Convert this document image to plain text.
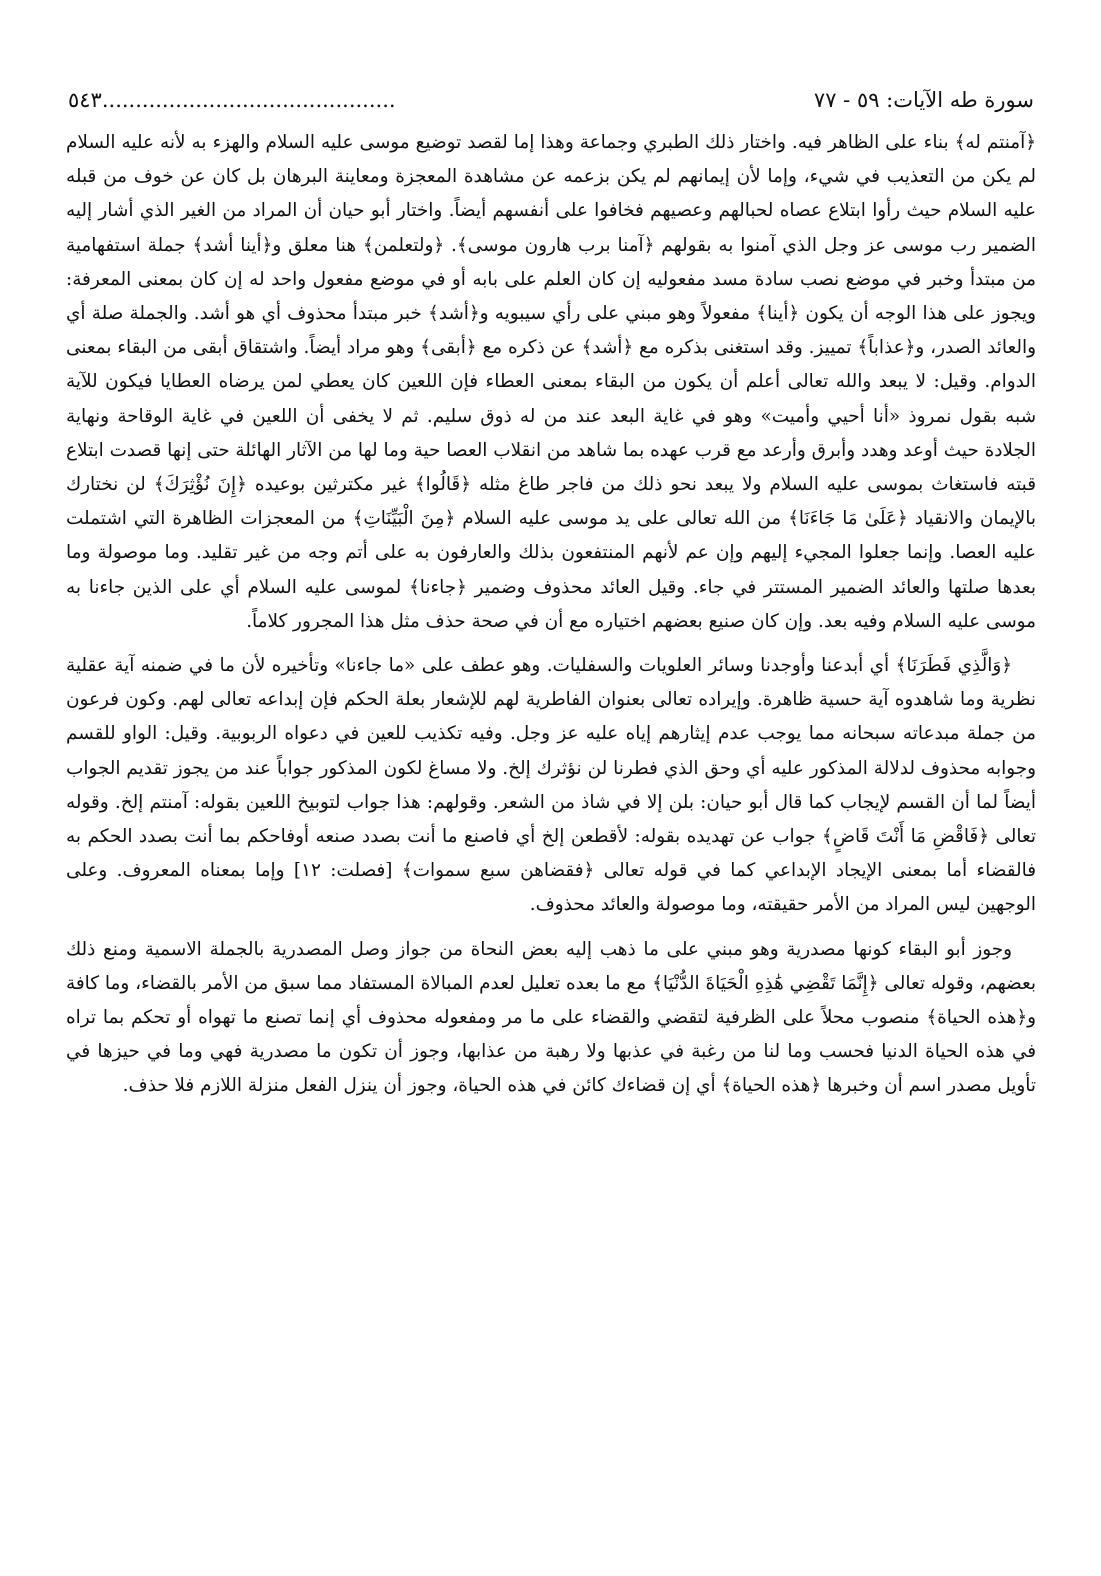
سورة طه الآيات: ٥٩ - ٧٧
............................................
٥٤٣

﴿آمنتم له﴾ بناء على الظاهر فيه. واختار ذلك الطبري وجماعة وهذا إما لقصد توضيع موسى عليه السلام والهزء به لأنه عليه السلام لم يكن من التعذيب في شيء، وإما لأن إيمانهم لم يكن بزعمه عن مشاهدة المعجزة ومعاينة البرهان بل كان عن خوف من قبله عليه السلام حيث رأوا ابتلاع عصاه لحبالهم وعصيهم فخافوا على أنفسهم أيضاً. واختار أبو حيان أن المراد من الغير الذي أشار إليه الضمير رب موسى عز وجل الذي آمنوا به بقولهم ﴿آمنا برب هارون موسى﴾. ﴿ولتعلمن﴾ هنا معلق و﴿أينا أشد﴾ جملة استفهامية من مبتدأ وخبر في موضع نصب سادة مسد مفعوليه إن كان العلم على بابه أو في موضع مفعول واحد له إن كان بمعنى المعرفة: ويجوز على هذا الوجه أن يكون ﴿أينا﴾ مفعولاً وهو مبني على رأي سيبويه و﴿أشد﴾ خبر مبتدأ محذوف أي هو أشد. والجملة صلة أي والعائد الصدر، و﴿عذاباً﴾ تمييز. وقد استغنى بذكره مع ﴿أشد﴾ عن ذكره مع ﴿أبقى﴾ وهو مراد أيضاً. واشتقاق أبقى من البقاء بمعنى الدوام. وقيل: لا يبعد والله تعالى أعلم أن يكون من البقاء بمعنى العطاء فإن اللعين كان يعطي لمن يرضاه العطايا فيكون للآية شبه بقول نمروذ «أنا أحيي وأميت» وهو في غاية البعد عند من له ذوق سليم. ثم لا يخفى أن اللعين في غاية الوقاحة ونهاية الجلادة حيث أوعد وهدد وأبرق وأرعد مع قرب عهده بما شاهد من انقلاب العصا حية وما لها من الآثار الهائلة حتى إنها قصدت ابتلاع قبته فاستغاث بموسى عليه السلام ولا يبعد نحو ذلك من فاجر طاغ مثله ﴿قَالُوا﴾ غير مكترثين بوعيده ﴿إِنَ نُؤْثِرَكَ﴾ لن نختارك بالإيمان والانقياد ﴿عَلَىٰ مَا جَاءَنَا﴾ من الله تعالى على يد موسى عليه السلام ﴿مِنَ الْبَيِّنَاتِ﴾ من المعجزات الظاهرة التي اشتملت عليه العصا. وإنما جعلوا المجيء إليهم وإن عم لأنهم المنتفعون بذلك والعارفون به على أتم وجه من غير تقليد. وما موصولة وما بعدها صلتها والعائد الضمير المستتر في جاء. وقيل العائد محذوف وضمير ﴿جاءنا﴾ لموسى عليه السلام أي على الذين جاءنا به موسى عليه السلام وفيه بعد. وإن كان صنيع بعضهم اختياره مع أن في صحة حذف مثل هذا المجرور كلاماً.

﴿وَالَّذِي فَطَرَنَا﴾ أي أبدعنا وأوجدنا وسائر العلويات والسفليات. وهو عطف على «ما جاءنا» وتأخيره لأن ما في ضمنه آية عقلية نظرية وما شاهدوه آية حسية ظاهرة. وإيراده تعالى بعنوان الفاطرية لهم للإشعار بعلة الحكم فإن إبداعه تعالى لهم. وكون فرعون من جملة مبدعاته سبحانه مما يوجب عدم إيثارهم إياه عليه عز وجل. وفيه تكذيب للعين في دعواه الربوبية. وقيل: الواو للقسم وجوابه محذوف لدلالة المذكور عليه أي وحق الذي فطرنا لن نؤثرك إلخ. ولا مساغ لكون المذكور جواباً عند من يجوز تقديم الجواب أيضاً لما أن القسم لإيجاب كما قال أبو حيان: بلن إلا في شاذ من الشعر. وقولهم: هذا جواب لتوبيخ اللعين بقوله: آمنتم إلخ. وقوله تعالى ﴿فَاقْضِ مَا أَنْتَ قَاضٍ﴾ جواب عن تهديده بقوله: لأقطعن إلخ أي فاصنع ما أنت بصدد صنعه أوفاحكم بما أنت بصدد الحكم به فالقضاء أما بمعنى الإيجاد الإبداعي كما في قوله تعالى ﴿فقضاهن سبع سموات﴾ [فصلت: ١٢] وإما بمعناه المعروف. وعلى الوجهين ليس المراد من الأمر حقيقته، وما موصولة والعائد محذوف.

وجوز أبو البقاء كونها مصدرية وهو مبني على ما ذهب إليه بعض النحاة من جواز وصل المصدرية بالجملة الاسمية ومنع ذلك بعضهم، وقوله تعالى ﴿إِنَّمَا تَقْضِي هَٰذِهِ الْحَيَاةَ الدُّنْيَا﴾ مع ما بعده تعليل لعدم المبالاة المستفاد مما سبق من الأمر بالقضاء، وما كافة و﴿هذه الحياة﴾ منصوب محلاً على الظرفية لتقضي والقضاء على ما مر ومفعوله محذوف أي إنما تصنع ما تهواه أو تحكم بما تراه في هذه الحياة الدنيا فحسب وما لنا من رغبة في عذبها ولا رهبة من عذابها، وجوز أن تكون ما مصدرية فهي وما في حيزها في تأويل مصدر اسم أن وخبرها ﴿هذه الحياة﴾ أي إن قضاءك كائن في هذه الحياة، وجوز أن ينزل الفعل منزلة اللازم فلا حذف.
